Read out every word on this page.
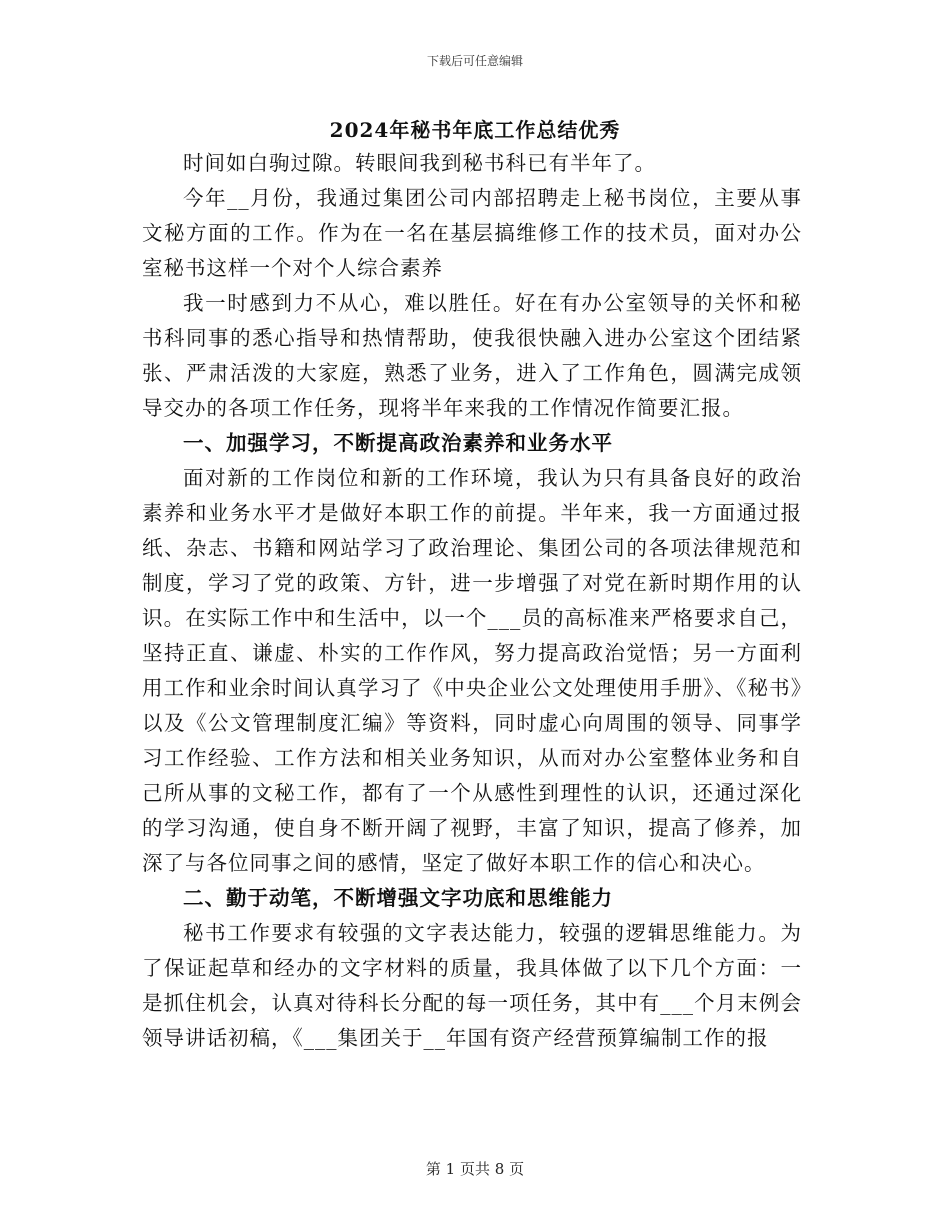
下载后可任意编辑
2024年秘书年底工作总结优秀

时间如白驹过隙。转眼间我到秘书科已有半年了。

今年__月份，我通过集团公司内部招聘走上秘书岗位，主要从事文秘方面的工作。作为在一名在基层搞维修工作的技术员，面对办公室秘书这样一个对个人综合素养

我一时感到力不从心，难以胜任。好在有办公室领导的关怀和秘书科同事的悉心指导和热情帮助，使我很快融入进办公室这个团结紧张、严肃活泼的大家庭，熟悉了业务，进入了工作角色，圆满完成领导交办的各项工作任务，现将半年来我的工作情况作简要汇报。

一、加强学习，不断提高政治素养和业务水平

面对新的工作岗位和新的工作环境，我认为只有具备良好的政治素养和业务水平才是做好本职工作的前提。半年来，我一方面通过报纸、杂志、书籍和网站学习了政治理论、集团公司的各项法律规范和制度，学习了党的政策、方针，进一步增强了对党在新时期作用的认识。在实际工作中和生活中，以一个___员的高标准来严格要求自己，坚持正直、谦虚、朴实的工作作风，努力提高政治觉悟；另一方面利用工作和业余时间认真学习了《中央企业公文处理使用手册》、《秘书》以及《公文管理制度汇编》等资料，同时虚心向周围的领导、同事学习工作经验、工作方法和相关业务知识，从而对办公室整体业务和自己所从事的文秘工作，都有了一个从感性到理性的认识，还通过深化的学习沟通，使自身不断开阔了视野，丰富了知识，提高了修养，加深了与各位同事之间的感情，坚定了做好本职工作的信心和决心。

二、勤于动笔，不断增强文字功底和思维能力

秘书工作要求有较强的文字表达能力，较强的逻辑思维能力。为了保证起草和经办的文字材料的质量，我具体做了以下几个方面：一是抓住机会，认真对待科长分配的每一项任务，其中有___个月末例会领导讲话初稿，《___集团关于__年国有资产经营预算编制工作的报

第 1 页共 8 页
